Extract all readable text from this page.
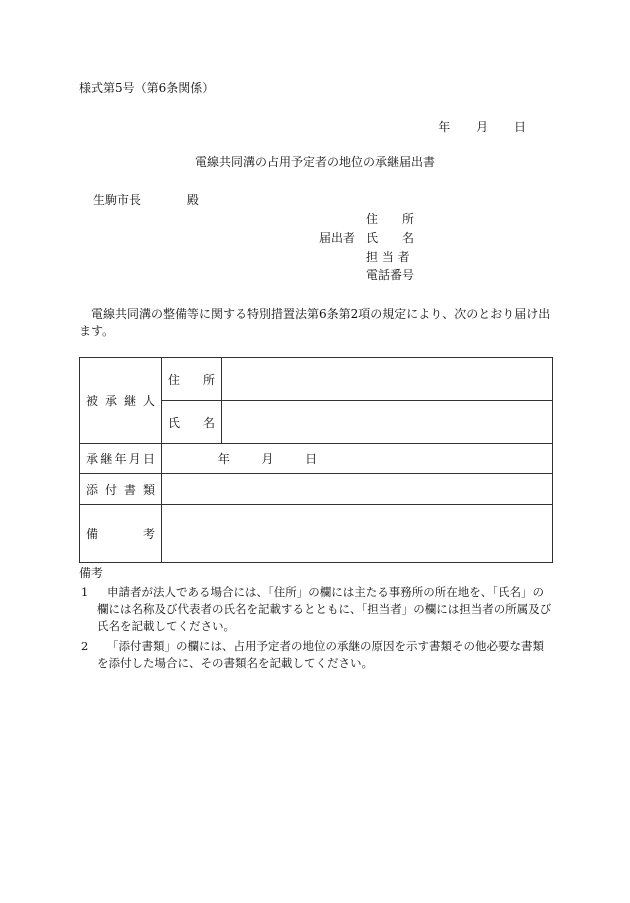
様式第5号（第6条関係）
年 月 日
電線共同溝の占用予定者の地位の承継届出書
生駒市長	殿
住　　所
届出者 氏　　名
担 当 者
電話番号
電線共同溝の整備等に関する特別措置法第6条第2項の規定により、次のとおり届け出ます。
被 承 継 人	住 所	

	氏 名	

承 継 年 月 日	年 月 日	

添 付 書 類		

備 考		

備考
1 申請者が法人である場合には、「住所」の欄には主たる事務所の所在地を、「氏名」の欄には名称及び代表者の氏名を記載するとともに、「担当者」の欄には担当者の所属及び氏名を記載してください。
2 「添付書類」の欄には、占用予定者の地位の承継の原因を示す書類その他必要な書類を添付した場合に、その書類名を記載してください。
